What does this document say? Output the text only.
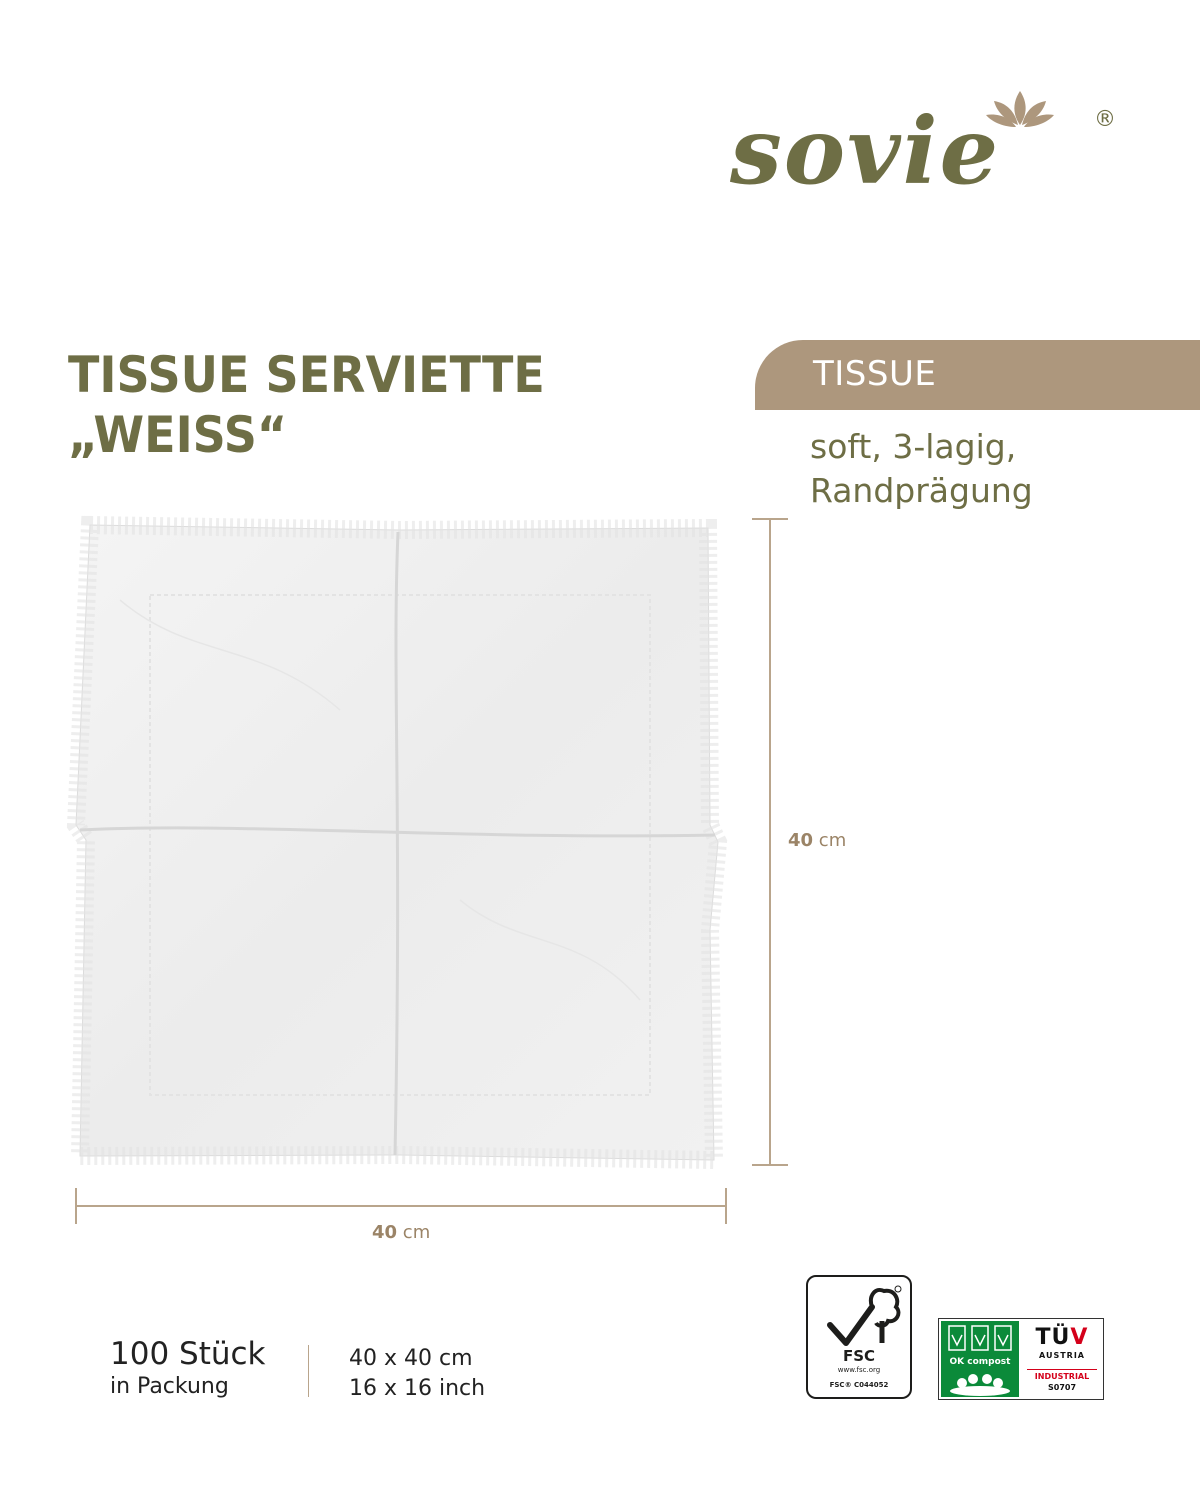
sovie	®
TISSUE SERVIETTE
„WEISS“
TISSUE
soft, 3-lagig,
Randprägung
40 cm
40 cm
100 Stück
in Packung
40 x 40 cm
16 x 16 inch
FSC
www.fsc.org
FSC® C044052
OK compost
TÜV
AUSTRIA
INDUSTRIAL
S0707
